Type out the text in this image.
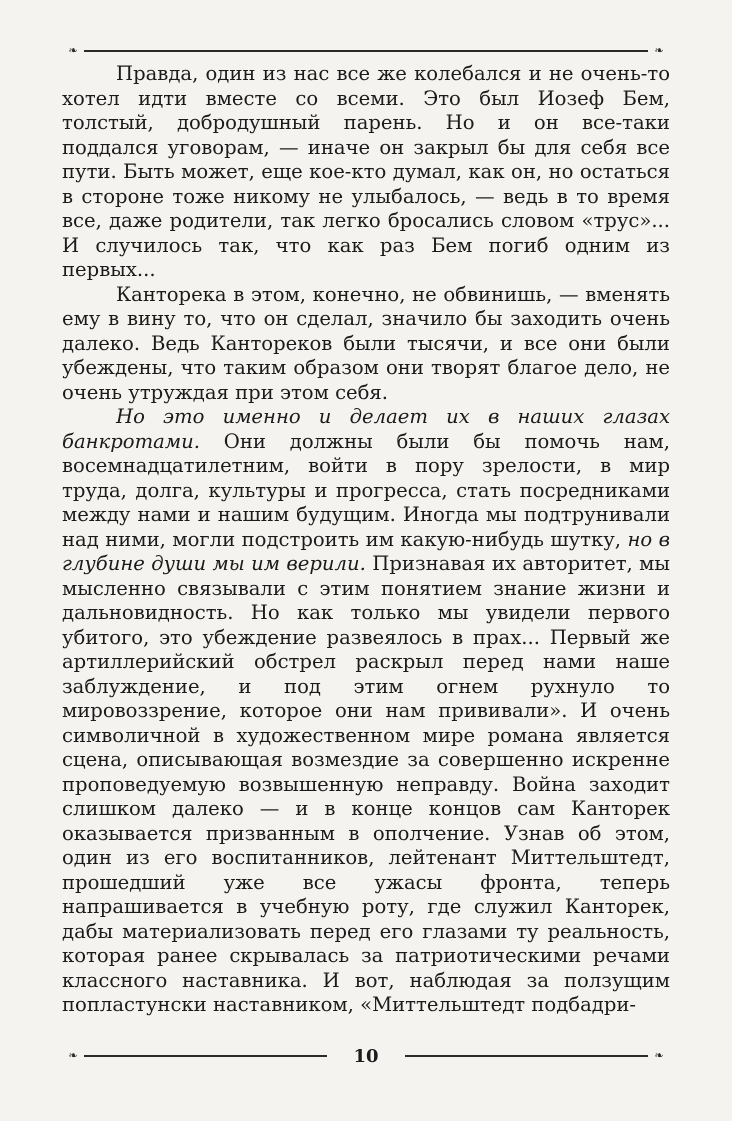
❧	❧

Правда, один из нас все же колебался и не очень-то хотел идти вместе со всеми. Это был Иозеф Бем, толстый, добродушный парень. Но и он все-таки поддался уговорам, — иначе он закрыл бы для себя все пути. Быть может, еще кое-кто думал, как он, но остаться в стороне тоже никому не улыбалось, — ведь в то время все, даже родители, так легко бросались словом «трус»... И случилось так, что как раз Бем погиб одним из первых...

Канторека в этом, конечно, не обвинишь, — вменять ему в вину то, что он сделал, значило бы заходить очень далеко. Ведь Кантореков были тысячи, и все они были убеждены, что таким образом они творят благое дело, не очень утруждая при этом себя.

Но это именно и делает их в наших глазах банкротами. Они должны были бы помочь нам, восемнадцатилетним, войти в пору зрелости, в мир труда, долга, культуры и прогресса, стать посредниками между нами и нашим будущим. Иногда мы подтрунивали над ними, могли подстроить им какую-нибудь шутку, но в глубине души мы им верили. Признавая их авторитет, мы мысленно связывали с этим понятием знание жизни и дальновидность. Но как только мы увидели первого убитого, это убеждение развеялось в прах... Первый же артиллерийский обстрел раскрыл перед нами наше заблуждение, и под этим огнем рухнуло то мировоззрение, которое они нам прививали». И очень символичной в художественном мире романа является сцена, описывающая возмездие за совершенно искренне проповедуемую возвышенную неправду. Война заходит слишком далеко — и в конце концов сам Канторек оказывается призванным в ополчение. Узнав об этом, один из его воспитанников, лейтенант Миттельштедт, прошедший уже все ужасы фронта, теперь напрашивается в учебную роту, где служил Канторек, дабы материализовать перед его глазами ту реальность, которая ранее скрывалась за патриотическими речами классного наставника. И вот, наблюдая за ползущим попластунски наставником, «Миттельштедт подбадри-

❧	10	❧
